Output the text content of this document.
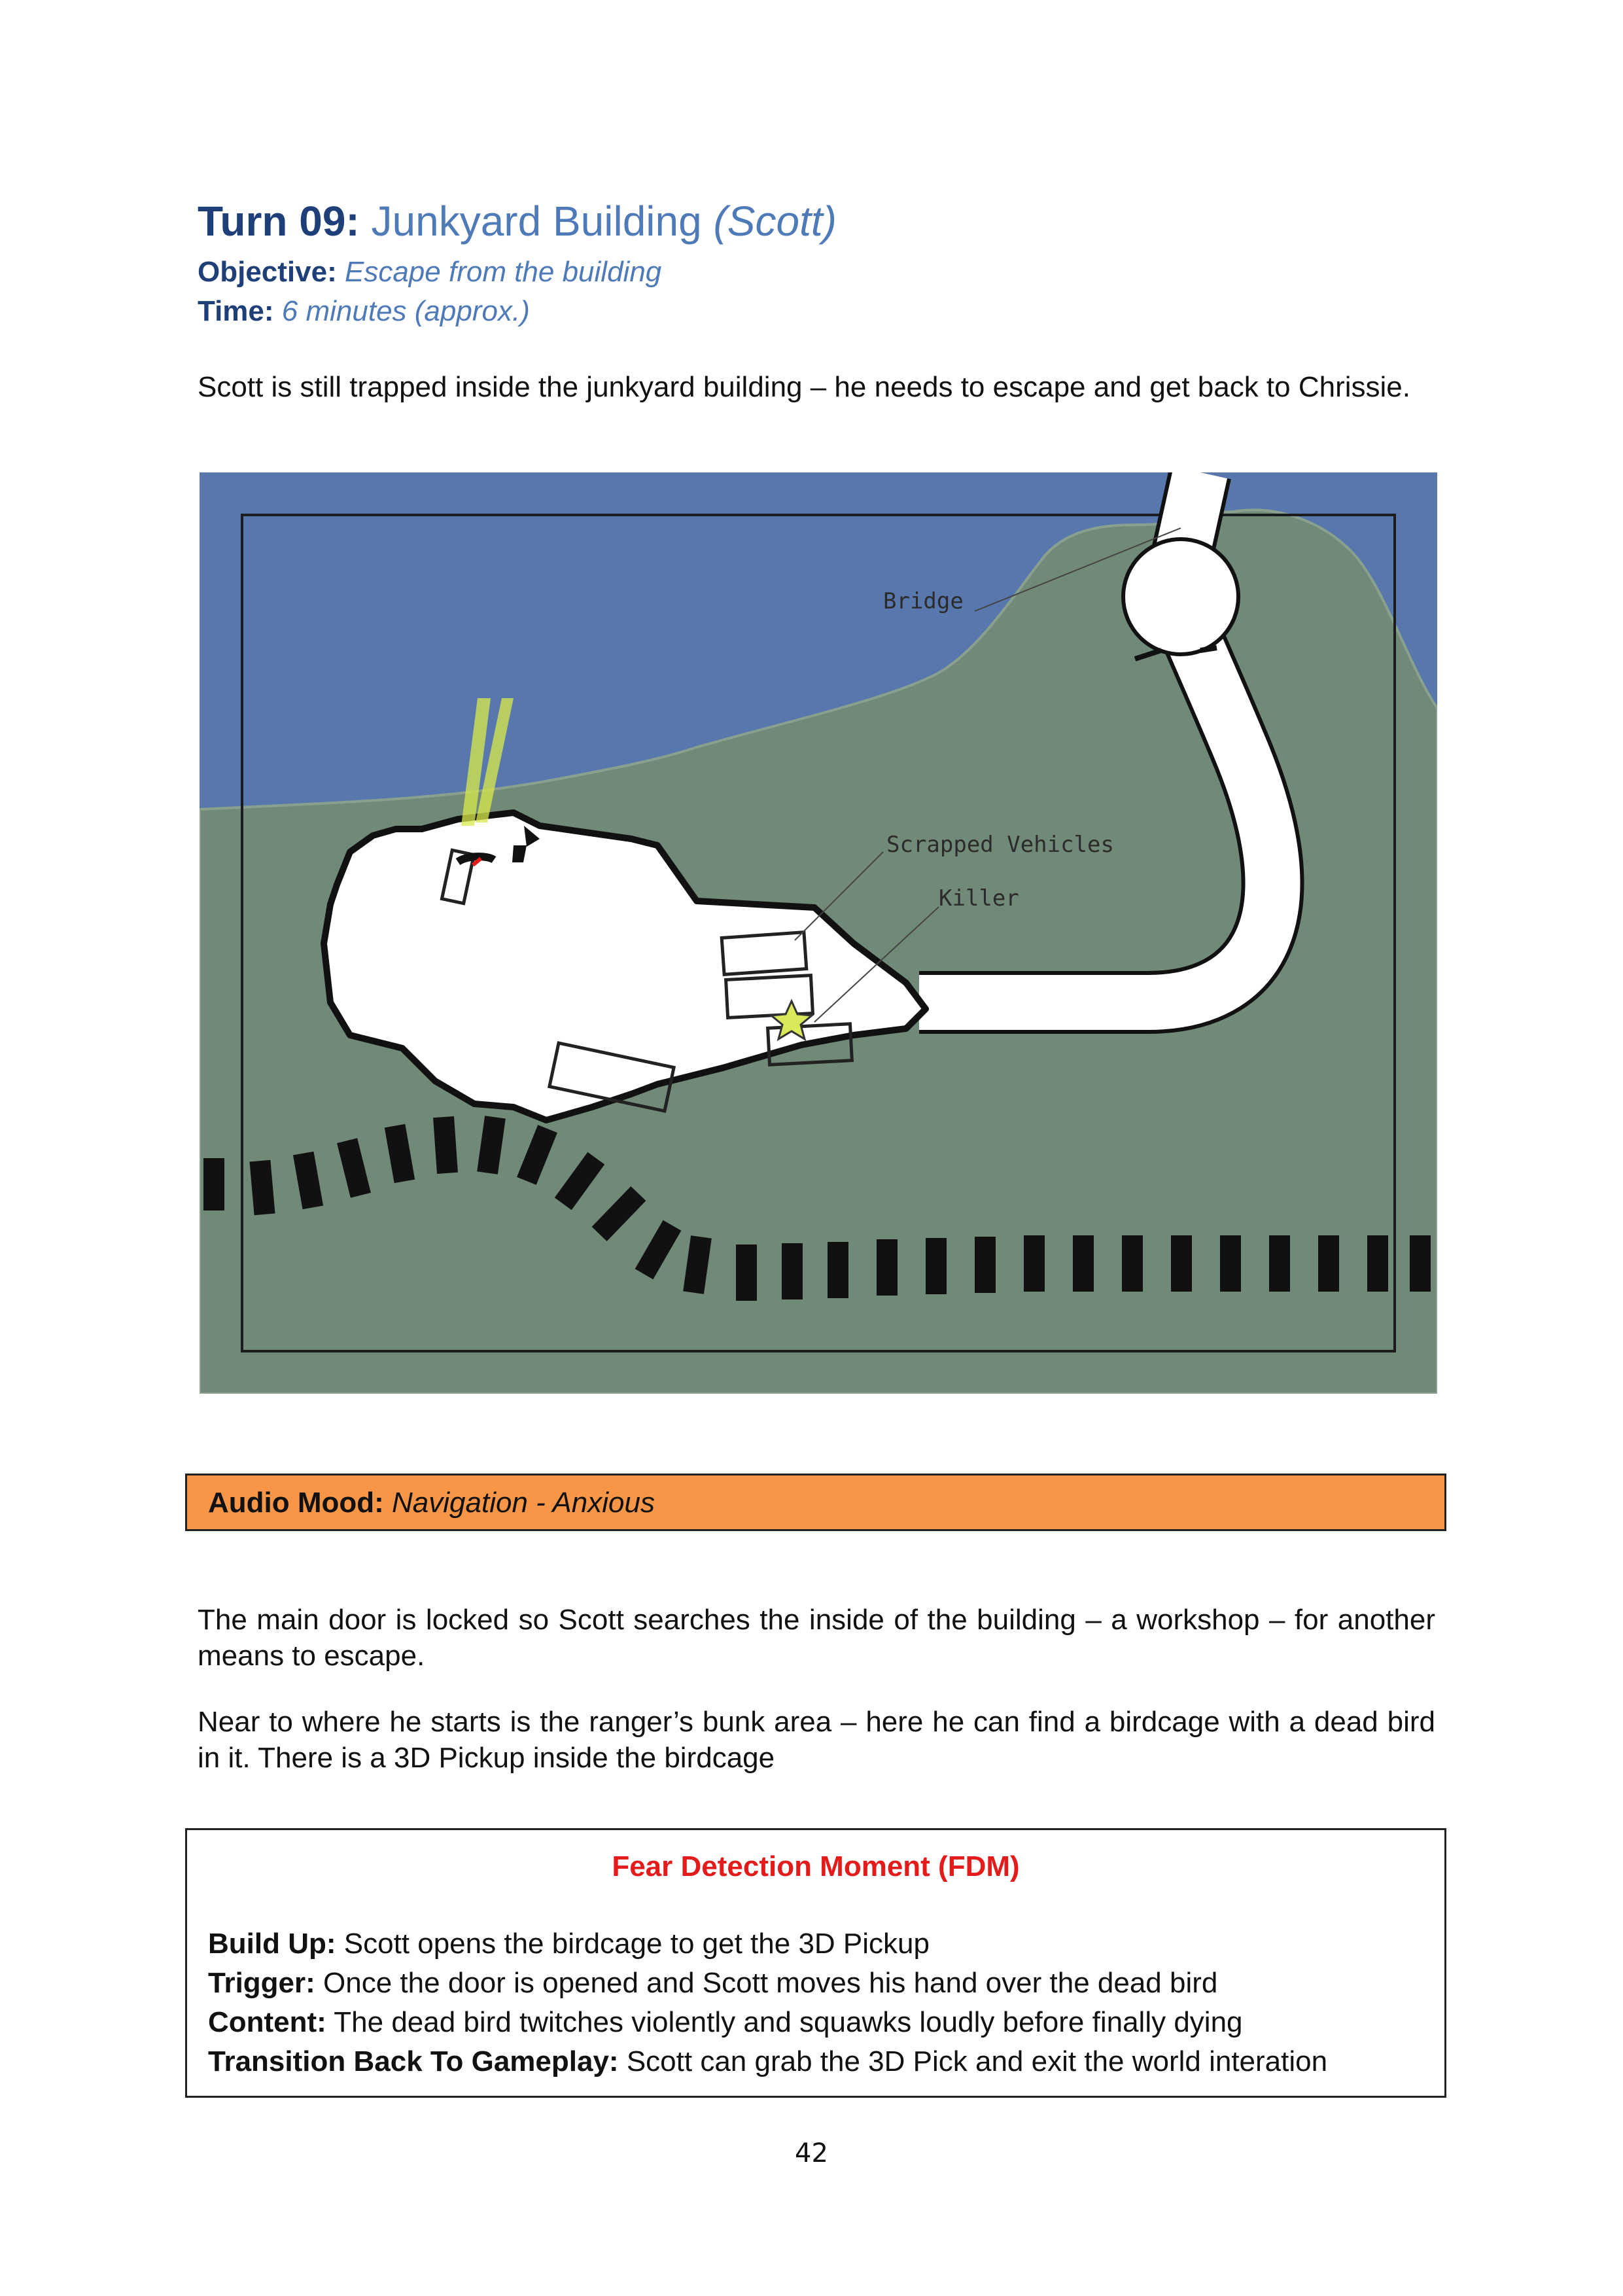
Turn 09: Junkyard Building (Scott)
Objective: Escape from the building
Time: 6 minutes (approx.)
Scott is still trapped inside the junkyard building – he needs to escape and get back to Chrissie.
Bridge
Scrapped Vehicles
Killer
Audio Mood: Navigation - Anxious
The main door is locked so Scott searches the inside of the building – a workshop – for another means to escape.
Near to where he starts is the ranger’s bunk area – here he can find a birdcage with a dead bird in it. There is a 3D Pickup inside the birdcage
Fear Detection Moment (FDM)
Build Up: Scott opens the birdcage to get the 3D Pickup
Trigger: Once the door is opened and Scott moves his hand over the dead bird
Content: The dead bird twitches violently and squawks loudly before finally dying
Transition Back To Gameplay: Scott can grab the 3D Pick and exit the world interation
42
